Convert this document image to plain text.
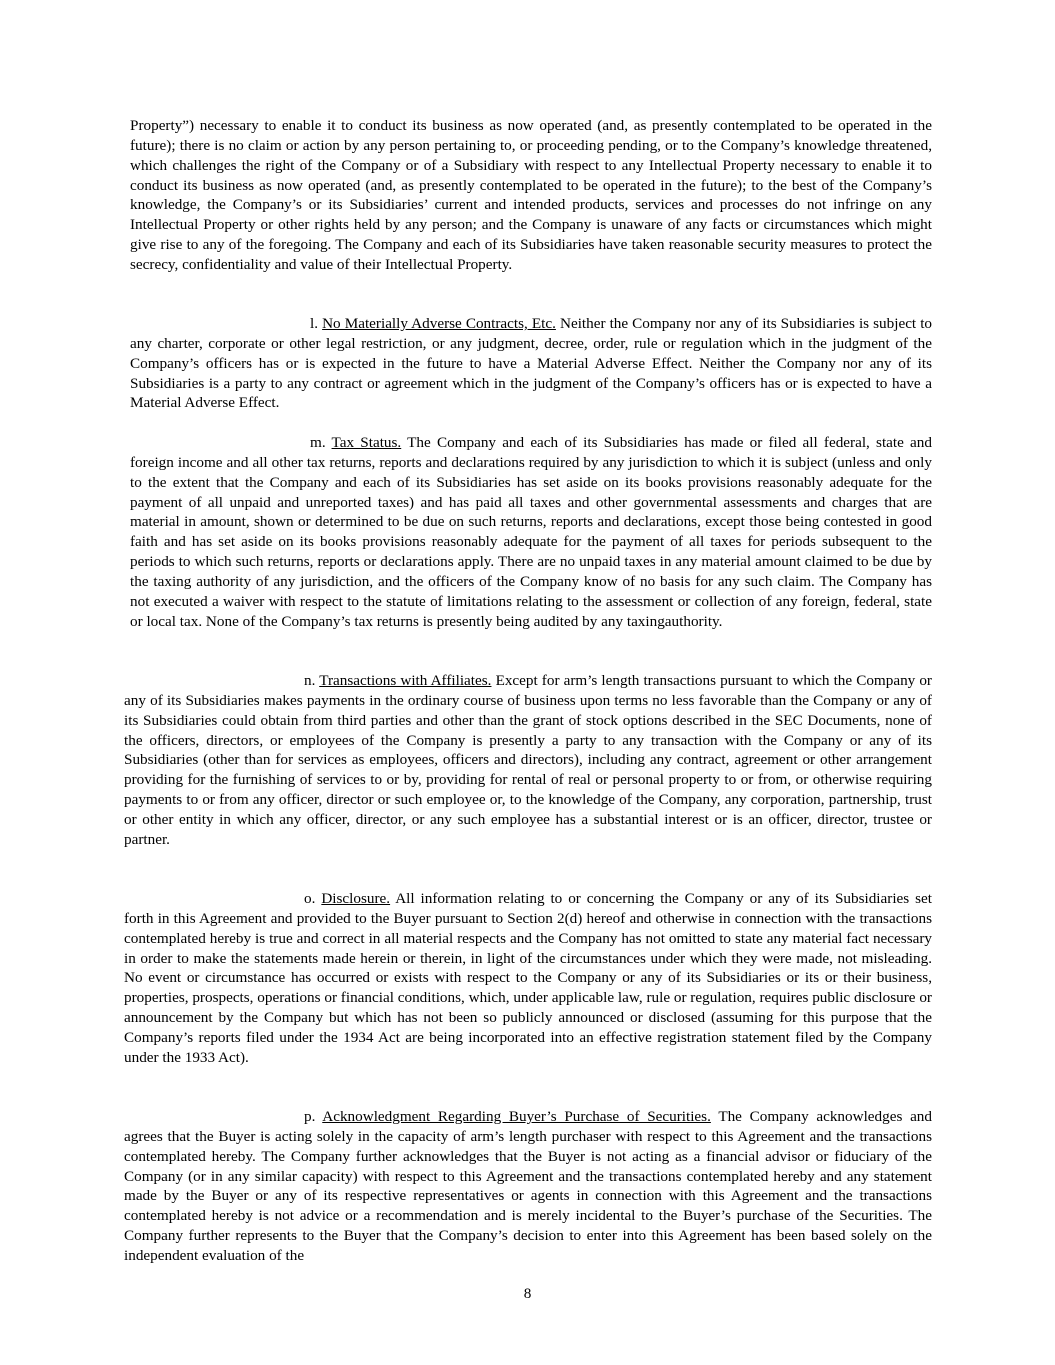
Property”) necessary to enable it to conduct its business as now operated (and, as presently contemplated to be operated in the future); there is no claim or action by any person pertaining to, or proceeding pending, or to the Company’s knowledge threatened, which challenges the right of the Company or of a Subsidiary with respect to any Intellectual Property necessary to enable it to conduct its business as now operated (and, as presently contemplated to be operated in the future); to the best of the Company’s knowledge, the Company’s or its Subsidiaries’ current and intended products, services and processes do not infringe on any Intellectual Property or other rights held by any person; and the Company is unaware of any facts or circumstances which might give rise to any of the foregoing. The Company and each of its Subsidiaries have taken reasonable security measures to protect the secrecy, confidentiality and value of their Intellectual Property.

l. No Materially Adverse Contracts, Etc. Neither the Company nor any of its Subsidiaries is subject to any charter, corporate or other legal restriction, or any judgment, decree, order, rule or regulation which in the judgment of the Company’s officers has or is expected in the future to have a Material Adverse Effect. Neither the Company nor any of its Subsidiaries is a party to any contract or agreement which in the judgment of the Company’s officers has or is expected to have a Material Adverse Effect.

m. Tax Status. The Company and each of its Subsidiaries has made or filed all federal, state and foreign income and all other tax returns, reports and declarations required by any jurisdiction to which it is subject (unless and only to the extent that the Company and each of its Subsidiaries has set aside on its books provisions reasonably adequate for the payment of all unpaid and unreported taxes) and has paid all taxes and other governmental assessments and charges that are material in amount, shown or determined to be due on such returns, reports and declarations, except those being contested in good faith and has set aside on its books provisions reasonably adequate for the payment of all taxes for periods subsequent to the periods to which such returns, reports or declarations apply. There are no unpaid taxes in any material amount claimed to be due by the taxing authority of any jurisdiction, and the officers of the Company know of no basis for any such claim. The Company has not executed a waiver with respect to the statute of limitations relating to the assessment or collection of any foreign, federal, state or local tax. None of the Company’s tax returns is presently being audited by any taxingauthority.

n. Transactions with Affiliates. Except for arm’s length transactions pursuant to which the Company or any of its Subsidiaries makes payments in the ordinary course of business upon terms no less favorable than the Company or any of its Subsidiaries could obtain from third parties and other than the grant of stock options described in the SEC Documents, none of the officers, directors, or employees of the Company is presently a party to any transaction with the Company or any of its Subsidiaries (other than for services as employees, officers and directors), including any contract, agreement or other arrangement providing for the furnishing of services to or by, providing for rental of real or personal property to or from, or otherwise requiring payments to or from any officer, director or such employee or, to the knowledge of the Company, any corporation, partnership, trust or other entity in which any officer, director, or any such employee has a substantial interest or is an officer, director, trustee or partner.

o. Disclosure. All information relating to or concerning the Company or any of its Subsidiaries set forth in this Agreement and provided to the Buyer pursuant to Section 2(d) hereof and otherwise in connection with the transactions contemplated hereby is true and correct in all material respects and the Company has not omitted to state any material fact necessary in order to make the statements made herein or therein, in light of the circumstances under which they were made, not misleading. No event or circumstance has occurred or exists with respect to the Company or any of its Subsidiaries or its or their business, properties, prospects, operations or financial conditions, which, under applicable law, rule or regulation, requires public disclosure or announcement by the Company but which has not been so publicly announced or disclosed (assuming for this purpose that the Company’s reports filed under the 1934 Act are being incorporated into an effective registration statement filed by the Company under the 1933 Act).

p. Acknowledgment Regarding Buyer’s Purchase of Securities. The Company acknowledges and agrees that the Buyer is acting solely in the capacity of arm’s length purchaser with respect to this Agreement and the transactions contemplated hereby. The Company further acknowledges that the Buyer is not acting as a financial advisor or fiduciary of the Company (or in any similar capacity) with respect to this Agreement and the transactions contemplated hereby and any statement made by the Buyer or any of its respective representatives or agents in connection with this Agreement and the transactions contemplated hereby is not advice or a recommendation and is merely incidental to the Buyer’s purchase of the Securities. The Company further represents to the Buyer that the Company’s decision to enter into this Agreement has been based solely on the independent evaluation of the

8
